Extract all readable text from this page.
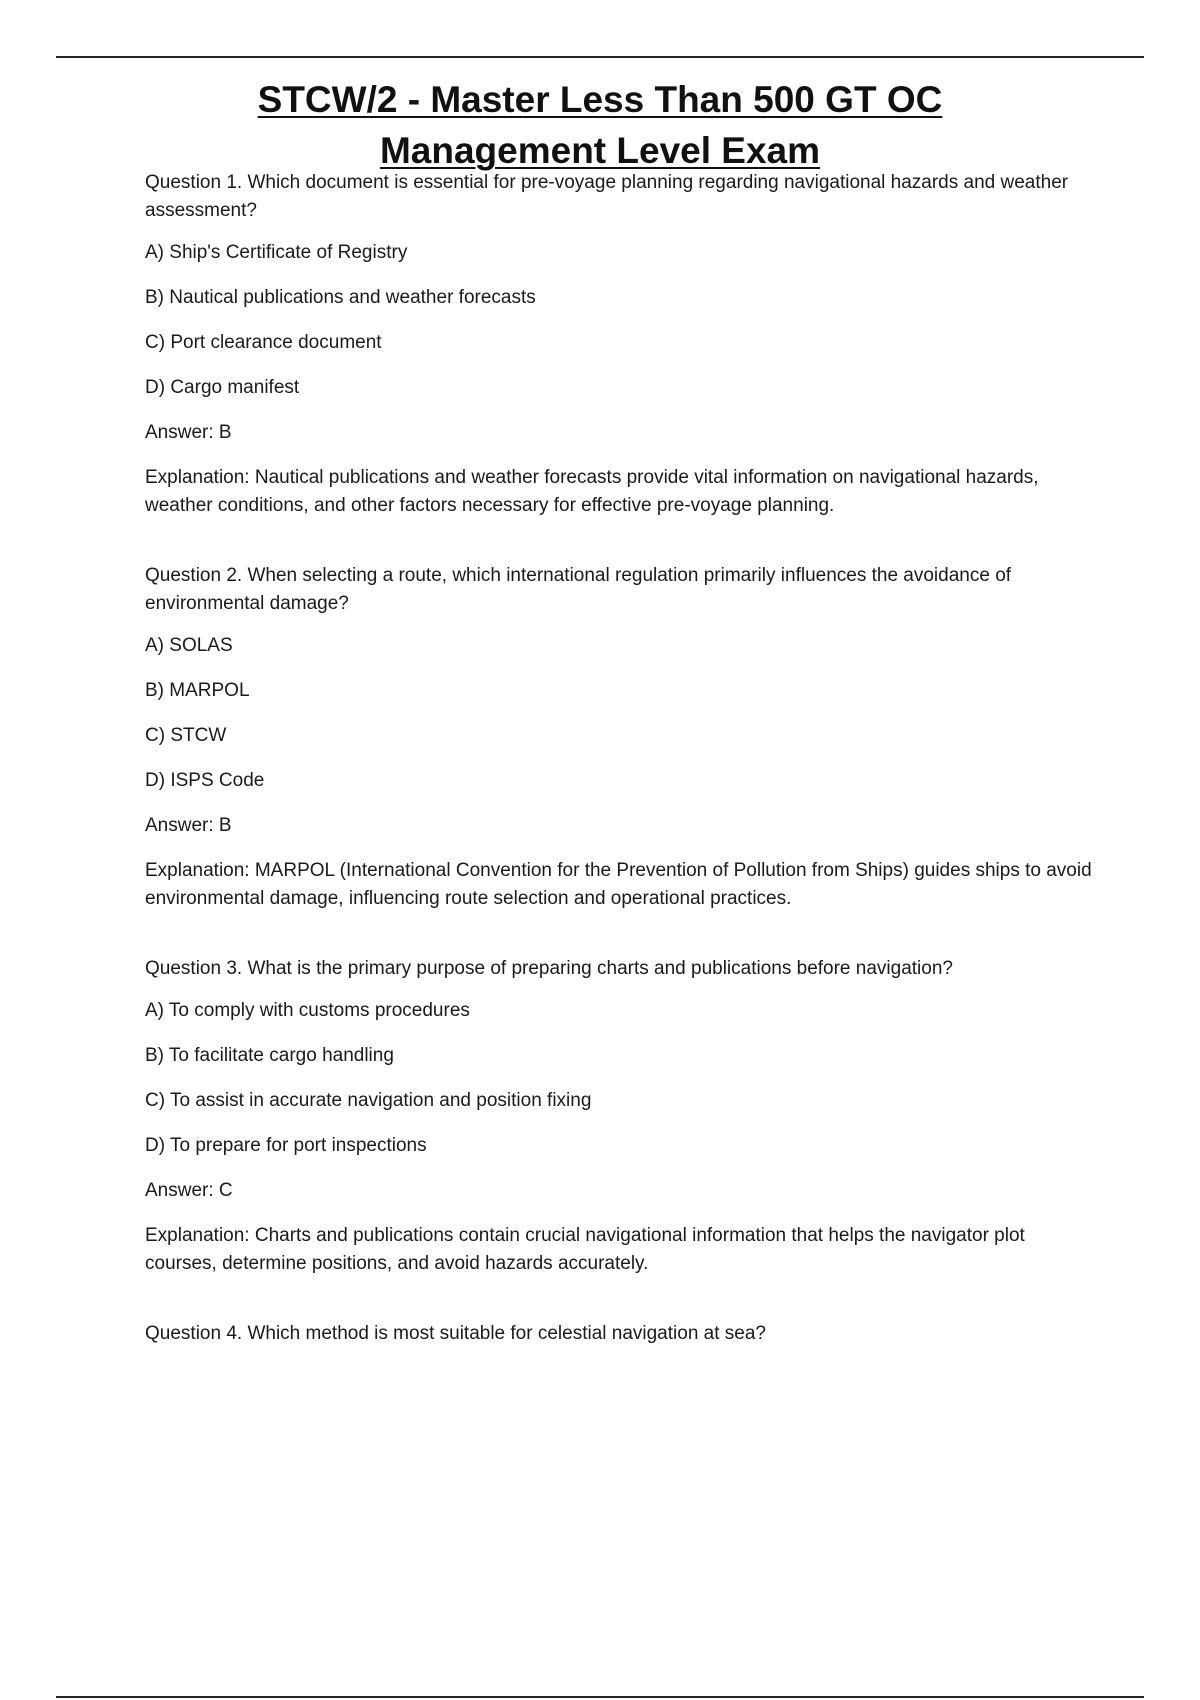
STCW/2 - Master Less Than 500 GT OC Management Level Exam

Question 1. Which document is essential for pre-voyage planning regarding navigational hazards and weather assessment?

A) Ship's Certificate of Registry

B) Nautical publications and weather forecasts

C) Port clearance document

D) Cargo manifest

Answer: B

Explanation: Nautical publications and weather forecasts provide vital information on navigational hazards, weather conditions, and other factors necessary for effective pre-voyage planning.

Question 2. When selecting a route, which international regulation primarily influences the avoidance of environmental damage?

A) SOLAS

B) MARPOL

C) STCW

D) ISPS Code

Answer: B

Explanation: MARPOL (International Convention for the Prevention of Pollution from Ships) guides ships to avoid environmental damage, influencing route selection and operational practices.

Question 3. What is the primary purpose of preparing charts and publications before navigation?

A) To comply with customs procedures

B) To facilitate cargo handling

C) To assist in accurate navigation and position fixing

D) To prepare for port inspections

Answer: C

Explanation: Charts and publications contain crucial navigational information that helps the navigator plot courses, determine positions, and avoid hazards accurately.

Question 4. Which method is most suitable for celestial navigation at sea?
